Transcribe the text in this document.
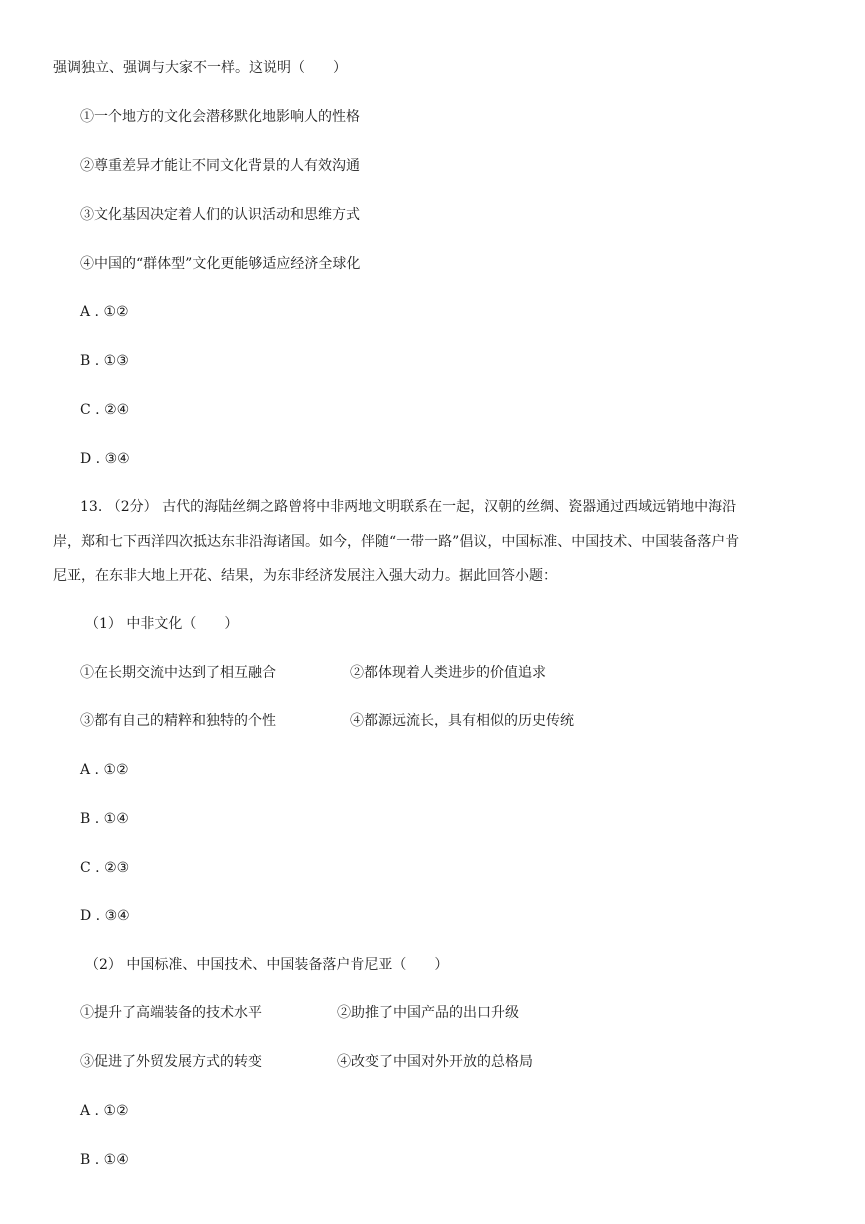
强调独立、强调与大家不一样。这说明（　　）
①一个地方的文化会潜移默化地影响人的性格
②尊重差异才能让不同文化背景的人有效沟通
③文化基因决定着人们的认识活动和思维方式
④中国的“群体型”文化更能够适应经济全球化
A . ①②
B . ①③
C . ②④
D . ③④
13. （2分） 古代的海陆丝绸之路曾将中非两地文明联系在一起，汉朝的丝绸、瓷器通过西域远销地中海沿
岸，郑和七下西洋四次抵达东非沿海诸国。如今，伴随“一带一路”倡议，中国标准、中国技术、中国装备落户肯
尼亚，在东非大地上开花、结果，为东非经济发展注入强大动力。据此回答小题：
（1） 中非文化（　　）
①在长期交流中达到了相互融合	②都体现着人类进步的价值追求
③都有自己的精粹和独特的个性	④都源远流长，具有相似的历史传统
A . ①②
B . ①④
C . ②③
D . ③④
（2） 中国标准、中国技术、中国装备落户肯尼亚（　　）
①提升了高端装备的技术水平	②助推了中国产品的出口升级
③促进了外贸发展方式的转变	④改变了中国对外开放的总格局
A . ①②
B . ①④
